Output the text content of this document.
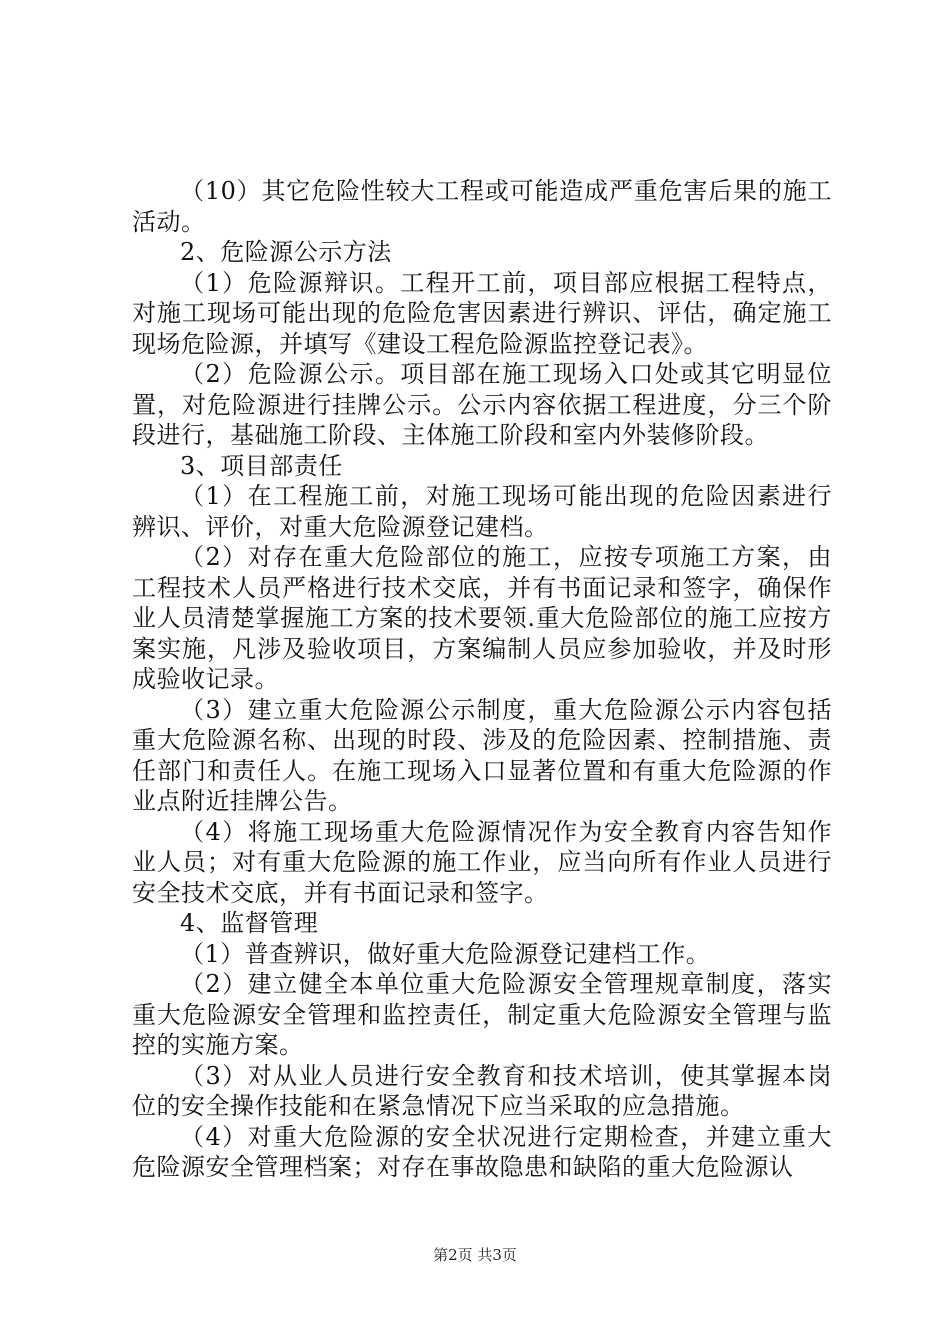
（10）其它危险性较大工程或可能造成严重危害后果的施工活动。

2、危险源公示方法

（1）危险源辩识。工程开工前，项目部应根据工程特点，对施工现场可能出现的危险危害因素进行辨识、评估，确定施工现场危险源，并填写《建设工程危险源监控登记表》。

（2）危险源公示。项目部在施工现场入口处或其它明显位置，对危险源进行挂牌公示。公示内容依据工程进度，分三个阶段进行，基础施工阶段、主体施工阶段和室内外装修阶段。

3、项目部责任

（1）在工程施工前，对施工现场可能出现的危险因素进行辨识、评价，对重大危险源登记建档。

（2）对存在重大危险部位的施工，应按专项施工方案，由工程技术人员严格进行技术交底，并有书面记录和签字，确保作业人员清楚掌握施工方案的技术要领.重大危险部位的施工应按方案实施，凡涉及验收项目，方案编制人员应参加验收，并及时形成验收记录。

（3）建立重大危险源公示制度，重大危险源公示内容包括重大危险源名称、出现的时段、涉及的危险因素、控制措施、责任部门和责任人。在施工现场入口显著位置和有重大危险源的作业点附近挂牌公告。

（4）将施工现场重大危险源情况作为安全教育内容告知作业人员；对有重大危险源的施工作业，应当向所有作业人员进行安全技术交底，并有书面记录和签字。

4、监督管理

（1）普查辨识，做好重大危险源登记建档工作。

（2）建立健全本单位重大危险源安全管理规章制度，落实重大危险源安全管理和监控责任，制定重大危险源安全管理与监控的实施方案。

（3）对从业人员进行安全教育和技术培训，使其掌握本岗位的安全操作技能和在紧急情况下应当采取的应急措施。

（4）对重大危险源的安全状况进行定期检查，并建立重大危险源安全管理档案；对存在事故隐患和缺陷的重大危险源认

第2页 共3页
